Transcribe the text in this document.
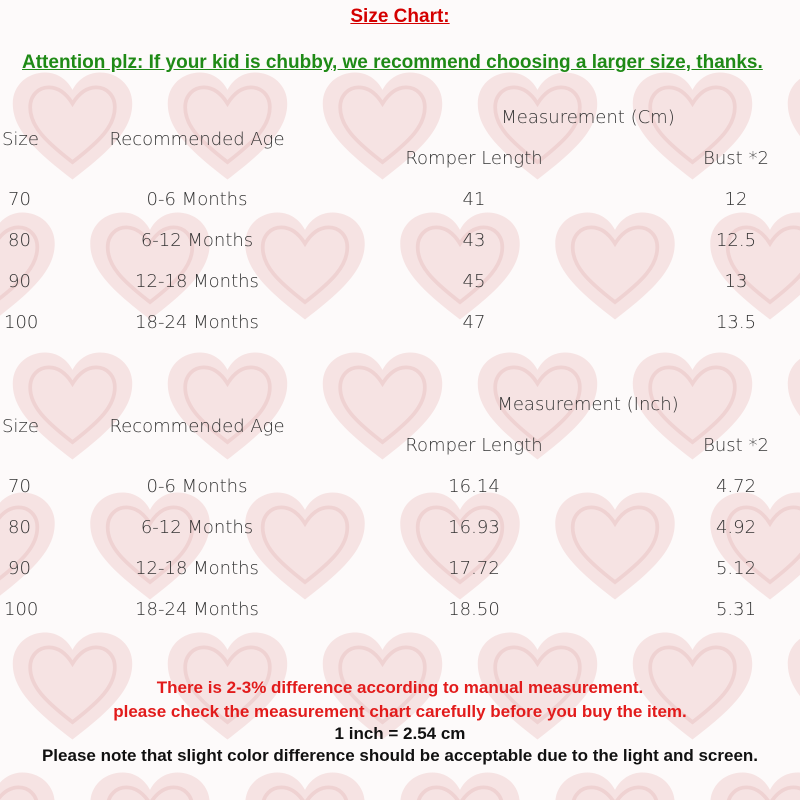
Size Chart:
Attention plz: If your kid is chubby, we recommend choosing a larger size, thanks.
Measurement (Cm)
Size	Recommended Age
Romper Length	Bust *2
70	0-6 Months	41	12
80	6-12 Months	43	12.5
90	12-18 Months	45	13
100	18-24 Months	47	13.5
Measurement (Inch)
Size	Recommended Age
Romper Length	Bust *2
70	0-6 Months	16.14	4.72
80	6-12 Months	16.93	4.92
90	12-18 Months	17.72	5.12
100	18-24 Months	18.50	5.31
There is 2-3% difference according to manual measurement.
please check the measurement chart carefully before you buy the item.
1 inch = 2.54 cm
Please note that slight color difference should be acceptable due to the light and screen.
